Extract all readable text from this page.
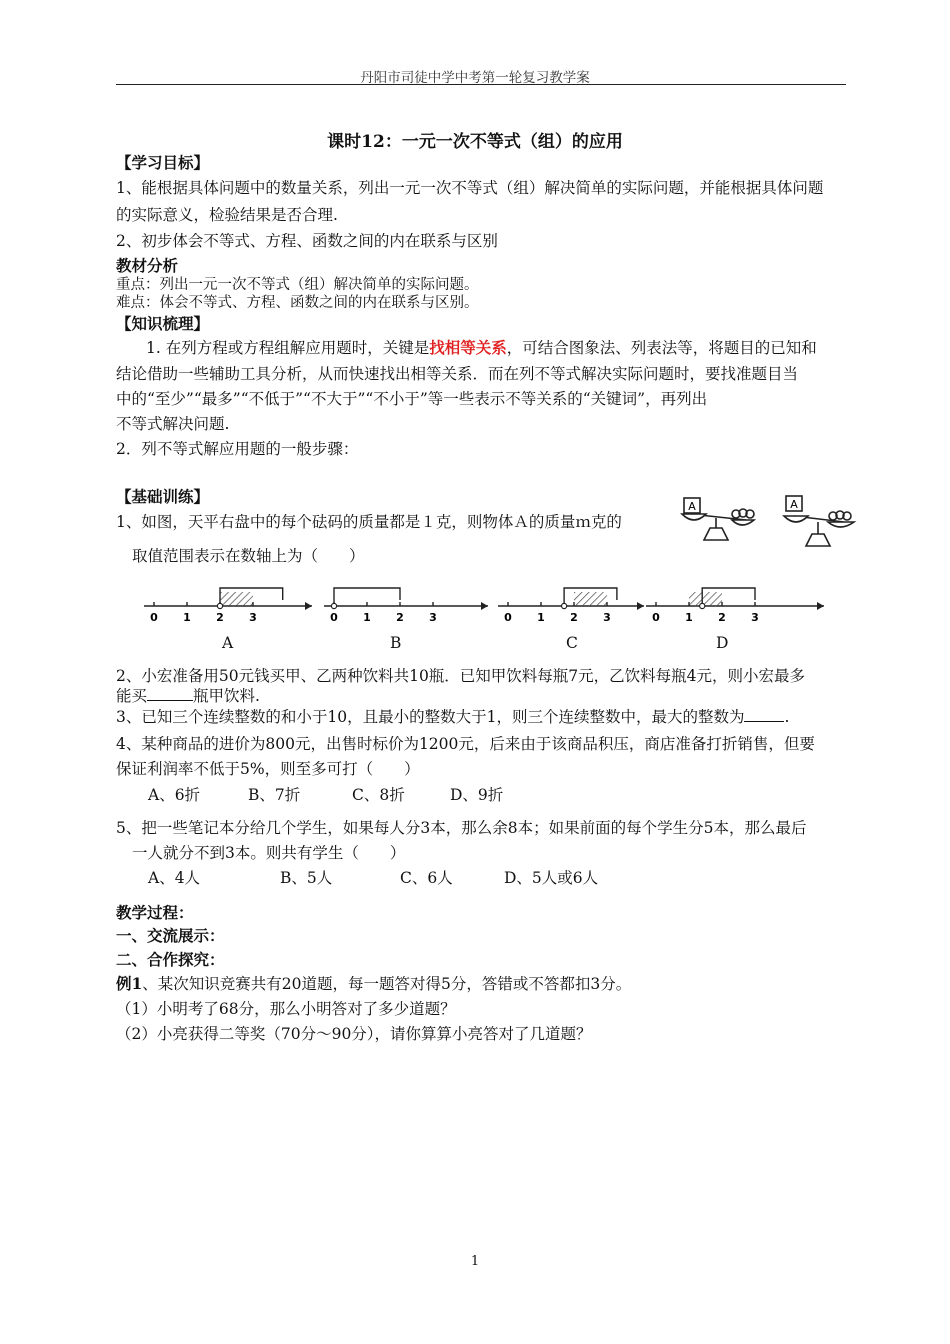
丹阳市司徒中学中考第一轮复习教学案
课时12：一元一次不等式（组）的应用
【学习目标】
1、能根据具体问题中的数量关系，列出一元一次不等式（组）解决简单的实际问题，并能根据具体问题
的实际意义，检验结果是否合理.
2、初步体会不等式、方程、函数之间的内在联系与区别
教材分析
重点：列出一元一次不等式（组）解决简单的实际问题。
难点：体会不等式、方程、函数之间的内在联系与区别。
【知识梳理】
1. 在列方程或方程组解应用题时，关键是找相等关系，可结合图象法、列表法等，将题目的已知和
结论借助一些辅助工具分析，从而快速找出相等关系．而在列不等式解决实际问题时，要找准题目当
中的“至少”“最多”“不低于”“不大于”“不小于”等一些表示不等关系的“关键词”，再列出
不等式解决问题.
2．列不等式解应用题的一般步骤：
【基础训练】
1、如图，天平右盘中的每个砝码的质量都是１克，则物体Ａ的质量ｍ克的
取值范围表示在数轴上为（　　）
A	A
0 1 2 3	0 1 2 3	0 1 2 3	0 1 2 3
A	B	C	D
2、小宏准备用50元钱买甲、乙两种饮料共10瓶．已知甲饮料每瓶7元，乙饮料每瓶4元，则小宏最多
能买	瓶甲饮料.
3、已知三个连续整数的和小于10，且最小的整数大于1，则三个连续整数中，最大的整数为	.
4、某种商品的进价为800元，出售时标价为1200元，后来由于该商品积压，商店准备打折销售，但要
保证利润率不低于5%，则至多可打（　　）
A、6折	B、7折	C、8折	D、9折
5、把一些笔记本分给几个学生，如果每人分3本，那么余8本；如果前面的每个学生分5本，那么最后
一人就分不到3本。则共有学生（　　）
A、4人	B、5人	C、6人	D、5人或6人
教学过程：
一、交流展示：
二、合作探究：
例1、某次知识竞赛共有20道题，每一题答对得5分，答错或不答都扣3分。
（1）小明考了68分，那么小明答对了多少道题？
（2）小亮获得二等奖（70分～90分），请你算算小亮答对了几道题？
1
